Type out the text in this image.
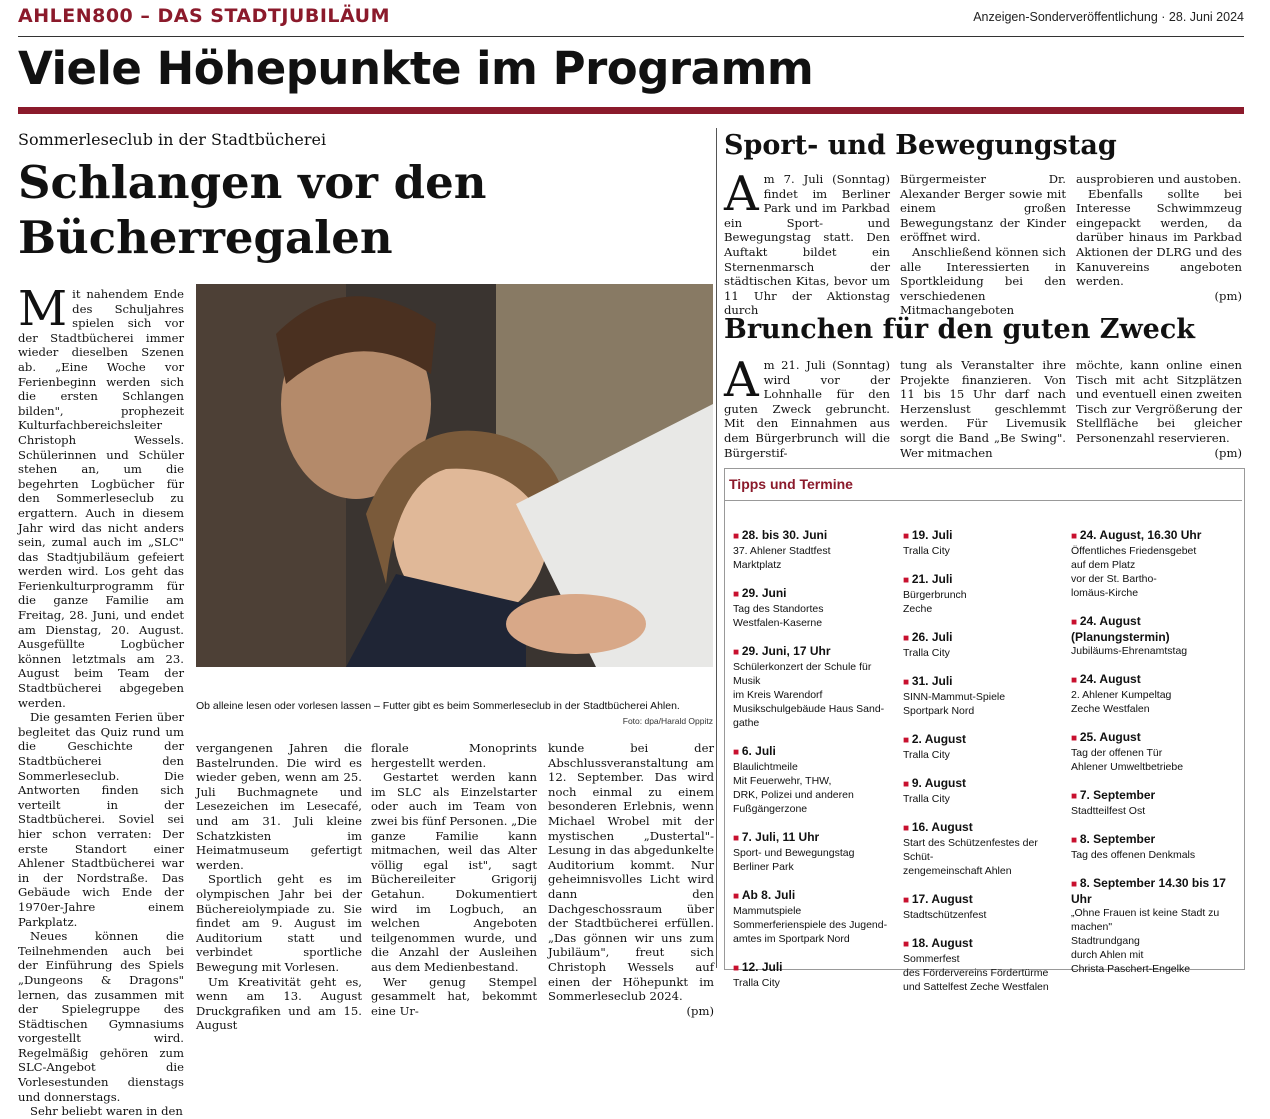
AHLEN800 – DAS STADTJUBILÄUM	Anzeigen-Sonderveröffentlichung · 28. Juni 2024
Viele Höhepunkte im Programm
Sommerleseclub in der Stadtbücherei
Schlangen vor den Bücherregalen

Mit nahendem Ende des Schuljahres spielen sich vor der Stadtbücherei immer wieder dieselben Szenen ab. „Eine Woche vor Ferienbeginn werden sich die ersten Schlangen bilden", prophezeit Kulturfachbereichsleiter Christoph Wessels. Schülerinnen und Schüler stehen an, um die begehrten Logbücher für den Sommerleseclub zu ergattern. Auch in diesem Jahr wird das nicht anders sein, zumal auch im „SLC" das Stadtjubiläum gefeiert werden wird. Los geht das Ferienkulturprogramm für die ganze Familie am Freitag, 28. Juni, und endet am Dienstag, 20. August. Ausgefüllte Logbücher können letztmals am 23. August beim Team der Stadtbücherei abgegeben werden.

Die gesamten Ferien über begleitet das Quiz rund um die Geschichte der Stadtbücherei den Sommerleseclub. Die Antworten finden sich verteilt in der Stadtbücherei. Soviel sei hier schon verraten: Der erste Standort einer Ahlener Stadtbücherei war in der Nordstraße. Das Gebäude wich Ende der 1970er-Jahre einem Parkplatz.

Neues können die Teilnehmenden auch bei der Einführung des Spiels „Dungeons & Dragons" lernen, das zusammen mit der Spielegruppe des Städtischen Gymnasiums vorgestellt wird. Regelmäßig gehören zum SLC-Angebot die Vorlesestunden dienstags und donnerstags.

Sehr beliebt waren in den

Ob alleine lesen oder vorlesen lassen – Futter gibt es beim Sommerleseclub in der Stadtbücherei Ahlen.
Foto: dpa/Harald Oppitz

vergangenen Jahren die Bastelrunden. Die wird es wieder geben, wenn am 25. Juli Buchmagnete und Lesezeichen im Lesecafé, und am 31. Juli kleine Schatzkisten im Heimatmuseum gefertigt werden.

Sportlich geht es im olympischen Jahr bei der Büchereiolympiade zu. Sie findet am 9. August im Auditorium statt und verbindet sportliche Bewegung mit Vorlesen.

Um Kreativität geht es, wenn am 13. August Druckgrafiken und am 15. August

florale Monoprints hergestellt werden.

Gestartet werden kann im SLC als Einzelstarter oder auch im Team von zwei bis fünf Personen. „Die ganze Familie kann mitmachen, weil das Alter völlig egal ist", sagt Büchereileiter Grigorij Getahun. Dokumentiert wird im Logbuch, an welchen Angeboten teilgenommen wurde, und die Anzahl der Ausleihen aus dem Medienbestand.

Wer genug Stempel gesammelt hat, bekommt eine Ur-

kunde bei der Abschlussveranstaltung am 12. September. Das wird noch einmal zu einem besonderen Erlebnis, wenn Michael Wrobel mit der mystischen „Dustertal"-Lesung in das abgedunkelte Auditorium kommt. Nur geheimnisvolles Licht wird dann den Dachgeschossraum über der Stadtbücherei erfüllen. „Das gönnen wir uns zum Jubiläum", freut sich Christoph Wessels auf einen der Höhepunkt im Sommerleseclub 2024.

(pm)
Sport- und Bewegungstag

Am 7. Juli (Sonntag) findet im Berliner Park und im Parkbad ein Sport- und Bewegungstag statt. Den Auftakt bildet ein Sternenmarsch der städtischen Kitas, bevor um 11 Uhr der Aktionstag durch

Bürgermeister Dr. Alexander Berger sowie mit einem großen Bewegungstanz der Kinder eröffnet wird.

Anschließend können sich alle Interessierten in Sportkleidung bei den verschiedenen Mitmachangeboten

ausprobieren und austoben.

Ebenfalls sollte bei Interesse Schwimmzeug eingepackt werden, da darüber hinaus im Parkbad Aktionen der DLRG und des Kanuvereins angeboten werden.

(pm)
Brunchen für den guten Zweck

Am 21. Juli (Sonntag) wird vor der Lohnhalle für den guten Zweck gebruncht. Mit den Einnahmen aus dem Bürgerbrunch will die Bürgerstif-

tung als Veranstalter ihre Projekte finanzieren. Von 11 bis 15 Uhr darf nach Herzenslust geschlemmt werden. Für Livemusik sorgt die Band „Be Swing". Wer mitmachen

möchte, kann online einen Tisch mit acht Sitzplätzen und eventuell einen zweiten Tisch zur Vergrößerung der Stellfläche bei gleicher Personenzahl reservieren.

(pm)
Tipps und Termine
■ 28. bis 30. Juni
37. Ahlener Stadtfest
Marktplatz
■ 29. Juni
Tag des Standortes
Westfalen-Kaserne
■ 29. Juni, 17 Uhr
Schülerkonzert der Schule für Musik
im Kreis Warendorf
Musikschulgebäude Haus Sand-
gathe
■ 6. Juli
Blaulichtmeile
Mit Feuerwehr, THW,
DRK, Polizei und anderen
Fußgängerzone
■ 7. Juli, 11 Uhr
Sport- und Bewegungstag
Berliner Park
■ Ab 8. Juli
Mammutspiele
Sommerferienspiele des Jugend-
amtes im Sportpark Nord
■ 12. Juli
Tralla City
■ 19. Juli
Tralla City
■ 21. Juli
Bürgerbrunch
Zeche
■ 26. Juli
Tralla City
■ 31. Juli
SINN-Mammut-Spiele
Sportpark Nord
■ 2. August
Tralla City
■ 9. August
Tralla City
■ 16. August
Start des Schützenfestes der Schüt-
zengemeinschaft Ahlen
■ 17. August
Stadtschützenfest
■ 18. August
Sommerfest
des Fördervereins Fördertürme
und Sattelfest Zeche Westfalen
■ 24. August, 16.30 Uhr
Öffentliches Friedensgebet
auf dem Platz
vor der St. Bartho-
lomäus-Kirche
■ 24. August (Planungstermin)
Jubiläums-Ehrenamtstag
■ 24. August
2. Ahlener Kumpeltag
Zeche Westfalen
■ 25. August
Tag der offenen Tür
Ahlener Umweltbetriebe
■ 7. September
Stadtteilfest Ost
■ 8. September
Tag des offenen Denkmals
■ 8. September 14.30 bis 17 Uhr
„Ohne Frauen ist keine Stadt zu
machen"
Stadtrundgang
durch Ahlen mit
Christa Paschert-Engelke
